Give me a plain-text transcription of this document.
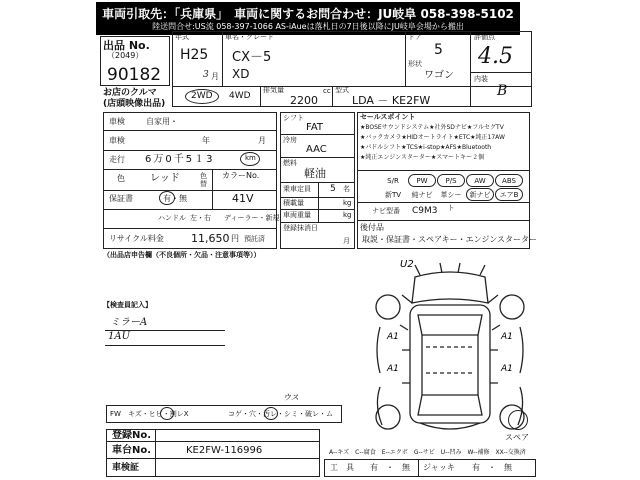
車両引取先：「兵庫県」　車両に関するお問合わせ：JU岐阜 058-398-5102
陸送問合せ:US流 058-397-1066 AS-iAueは落札日の7日後以降にJU岐阜会場から搬出
出品 No.
（2049）
90182
お店のクルマ
(店頭映像出品)
年式
H25
3 月
車名・グレード
CX－5
XD
ドア
5
形状
ワゴン
評価点
4.5
内装
B
2WD 4WD
排気量
2200
cc 型式
LDA － KE2FW
車検	自家用・
車検	年	月
走行 6万0千5１3	km
色	レッド	色替
カラーNo.
41V
保証書	有・無
ハンドル 左・右 ディーラー・新規
リサイクル料金 11,650 円 預託済
（出品店申告欄（不良個所・欠品・注意事項等））
シフト
FAT
冷房
AAC
燃料
軽油
乗車定員 5 名
積載量	kg
車両重量	kg
登録抹消日
月
セールスポイント
★BOSEサウンドシステム★社外SDナビ★フルセグTV
★バックカメラ★HIDオートライト★ETC★純正17AW
★パドルシフト★TCS★i-stop★AFS★Bluetooth
★純正エンジンスターター★スマートキー２個
S/R	PW	P/S	AW	ABS
新TV	純ナビ	革シート
新ナビ	エアB
ナビ型番 C9M3
後付品
取説・保証書・スペアキー・エンジンスターター
【検査員記入】
ミラーA
1AU
U2
A1
A1
A1
A1
スペア
ウス
FW　キズ・ヒビ・割レX　	コゲ・穴・汚レ・シミ・破レ・ム
登録No.
車台No.	KE2FW-116996
車検証
A--キズ　C--腐食　E--エクボ　G--サビ　U--凹み　W--補修　XX--交換済
工　具 有　・　無 ジャッキ 有　・　無
